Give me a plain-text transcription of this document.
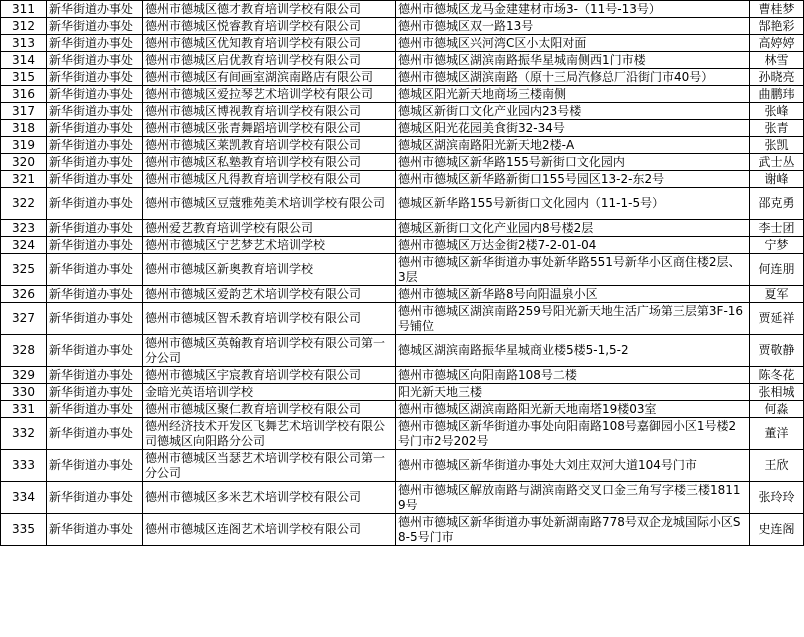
311	新华街道办事处	德州市德城区德才教育培训学校有限公司	德州市德城区龙马金建建材市场3-（11号-13号）	曹桂梦
312	新华街道办事处	德州市德城区悦睿教育培训学校有限公司	德州市德城区双一路13号	郜艳彩
313	新华街道办事处	德州市德城区优知教育培训学校有限公司	德州市德城区兴河湾C区小太阳对面	高婷婷
314	新华街道办事处	德州市德城区启优教育培训学校有限公司	德州市德城区湖滨南路振华星城南侧西1门市楼	林雪
315	新华街道办事处	德州市德城区有间画室湖滨南路店有限公司	德州市德城区湖滨南路（原十三局汽修总厂沿街门市40号）	孙晓亮
316	新华街道办事处	德州市德城区爱拉琴艺术培训学校有限公司	德城区阳光新天地商场三楼南侧	曲鹏玮
317	新华街道办事处	德州市德城区博视教育培训学校有限公司	德城区新街口文化产业园内23号楼	张峰
318	新华街道办事处	德州市德城区张青舞蹈培训学校有限公司	德城区阳光花园美食街32-34号	张青
319	新华街道办事处	德州市德城区莱凯教育培训学校有限公司	德城区湖滨南路阳光新天地2楼-A	张凯
320	新华街道办事处	德州市德城区私塾教育培训学校有限公司	德州市德城区新华路155号新街口文化园内	武士丛
321	新华街道办事处	德州市德城区凡得教育培训学校有限公司	德州市德城区新华路新街口155号园区13-2-东2号	谢峰
322	新华街道办事处	德州市德城区豆蔻雅苑美术培训学校有限公司	德城区新华路155号新街口文化园内（11-1-5号）	邵克勇
323	新华街道办事处	德州爱艺教育培训学校有限公司	德城区新街口文化产业园内8号楼2层	李士团
324	新华街道办事处	德州市德城区宁艺梦艺术培训学校	德州市德城区万达金街2楼7-2-01-04	宁梦
325	新华街道办事处	德州市德城区新奥教育培训学校	德州市德城区新华街道办事处新华路551号新华小区商住楼2层、3层	何连朋
326	新华街道办事处	德州市德城区爱韵艺术培训学校有限公司	德州市德城区新华路8号向阳温泉小区	夏军
327	新华街道办事处	德州市德城区智禾教育培训学校有限公司	德州市德城区湖滨南路259号阳光新天地生活广场第三层第3F-16号铺位	贾延祥
328	新华街道办事处	德州市德城区英翰教育培训学校有限公司第一分公司	德城区湖滨南路振华星城商业楼5楼5-1,5-2	贾敬静
329	新华街道办事处	德州市德城区宇宸教育培训学校有限公司	德州市德城区向阳南路108号二楼	陈冬花
330	新华街道办事处	金暗光英语培训学校	阳光新天地三楼	张相城
331	新华街道办事处	德州市德城区聚仁教育培训学校有限公司	德州市德城区湖滨南路阳光新天地南塔19楼03室	何淼
332	新华街道办事处	德州经济技术开发区飞舞艺术培训学校有限公司德城区向阳路分公司	德州市德城区新华街道办事处向阳南路108号嘉御园小区1号楼2号门市2号202号	董洋
333	新华街道办事处	德州市德城区当瑟艺术培训学校有限公司第一分公司	德州市德城区新华街道办事处大刘庄双河大道104号门市	王欣
334	新华街道办事处	德州市德城区多米艺术培训学校有限公司	德州市德城区解放南路与湖滨南路交叉口金三角写字楼三楼18119号	张玲玲
335	新华街道办事处	德州市德城区连阁艺术培训学校有限公司	德州市德城区新华街道办事处新湖南路778号双企龙城国际小区S8-5号门市	史连阁
